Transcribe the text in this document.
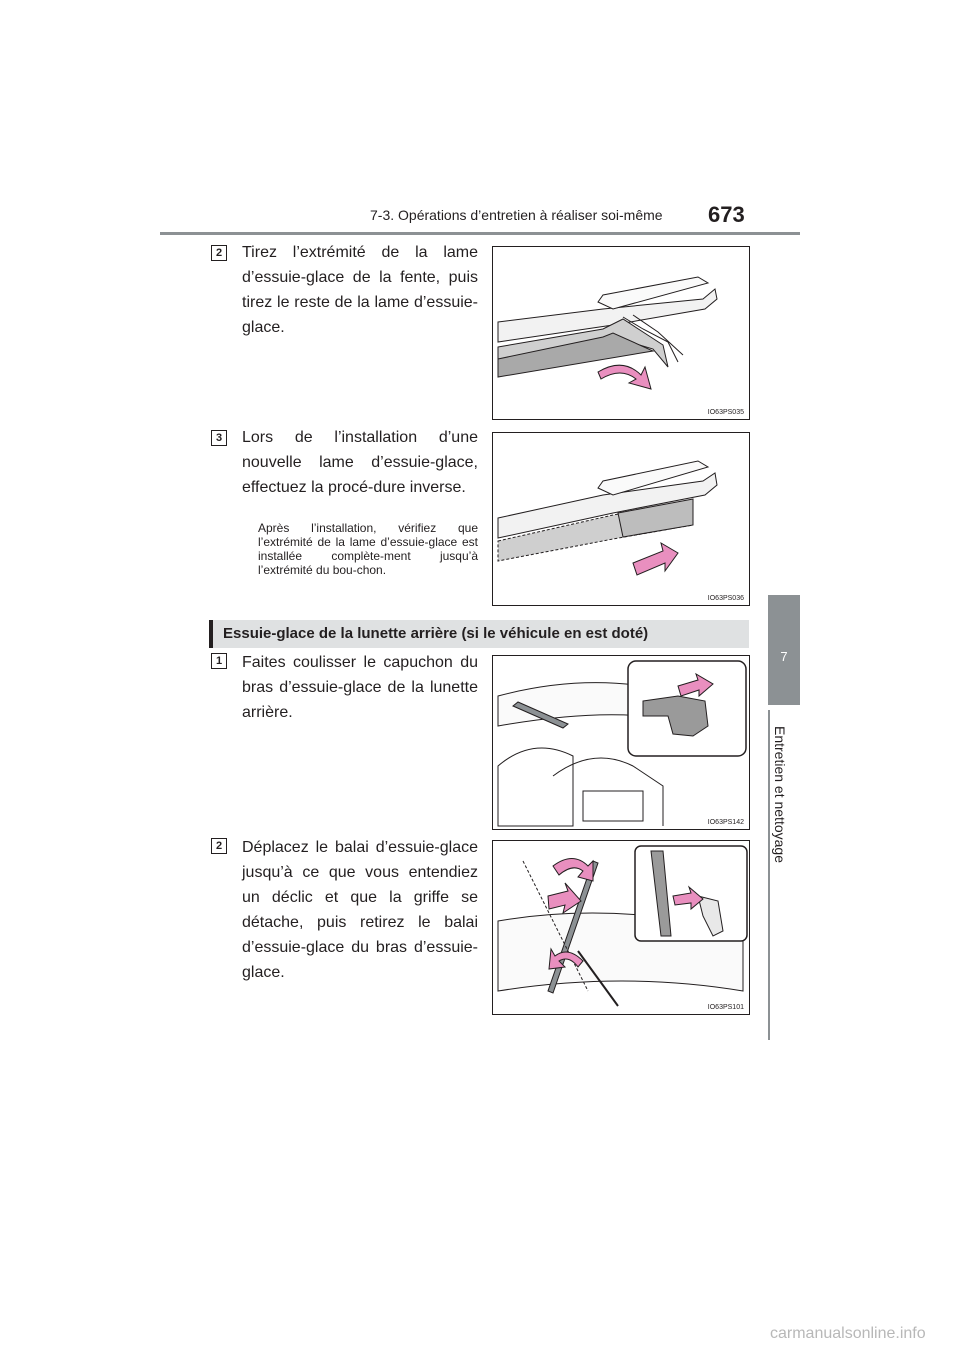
7-3. Opérations d’entretien à réaliser soi-même 673
7
Entretien et nettoyage
2	Tirez l’extrémité de la lame d’essuie-glace de la fente, puis tirez le reste de la lame d’essuie-glace.
IO63PS035
3	Lors de l’installation d’une nouvelle lame d’essuie-glace, effectuez la procé-dure inverse.
Après l’installation, vérifiez que l’extrémité de la lame d’essuie-glace est installée complète-ment jusqu’à l’extrémité du bou-chon.
IO63PS036
Essuie-glace de la lunette arrière (si le véhicule en est doté)
1	Faites coulisser le capuchon du bras d’essuie-glace de la lunette arrière.
IO63PS142
2	Déplacez le balai d’essuie-glace jusqu’à ce que vous entendiez un déclic et que la griffe se détache, puis retirez le balai d’essuie-glace du bras d’essuie-glace.
IO63PS101
carmanualsonline.info
